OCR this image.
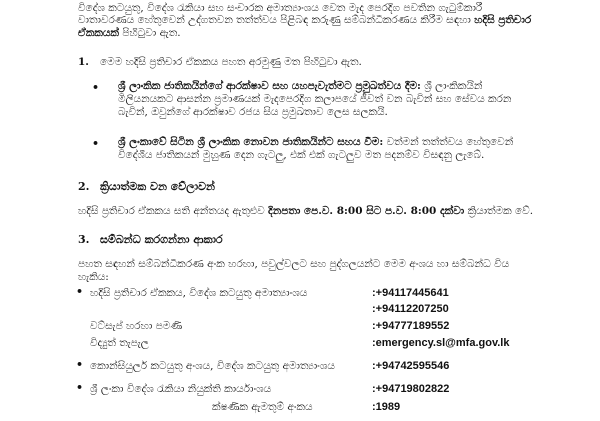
විදේශ කටයුතු, විදේශ රැකියා සහ සංචාරක අමාත්‍යාංශය වෙත මැද පෙරදිග පවතින ගැටුම්කාරී
වාතාවරණය හේතුවෙන් උද්ගතවන තත්ත්වය පිළිබඳ කරුණු සම්බන්ධීකරණය කිරීම සඳහා හදිසි ප්‍රතිචාර
ඒකකයක් පිහිටුවා ඇත.
1. මෙම හදිසි ප්‍රතිචාර ඒකකය පහත අරමුණු මත පිහිටුවා ඇත.
• ශ්‍රී ලාංකික ජාතිකයින්ගේ ආරක්ෂාව සහ යහපැවැත්මට ප්‍රමුඛත්වය දීම: ශ්‍රී ලාංකිකයින්
මිලියනයකට ආසන්න ප්‍රමාණයක් මැදපෙරදිග කලාපයේ ජීවත් වන බැවින් සහ සේවය කරන
බැවින්, ඔවුන්ගේ ආරක්ෂාව රජය සිය ප්‍රමුඛතාව ලෙස සලකයි.
• ශ්‍රී ලංකාවේ සිටින ශ්‍රී ලාංකික නොවන ජාතිකයින්ට සහය වීම: වත්මන් තත්ත්වය හේතුවෙන්
විදේශීය ජාතිකයන් මුහුණ දෙන ගැටලු, එක් එක් ගැටලුව මත පදනම්ව විසඳනු ලැබේ.
2. ක්‍රියාත්මක වන වේලාවන්
හදිසි ප්‍රතිචාර ඒකකය සති අන්තයද ඇතුළුව දිනපතා පෙ.ව. 8:00 සිට ප.ව. 8:00 දක්වා ක්‍රියාත්මක වේ.
3. සම්බන්ධ කරගන්නා ආකාර
පහත සඳහන් සම්බන්ධීකරණ අංක හරහා, පවුල්වලට සහ පුද්ගලයන්ට මෙම අංශය හා සම්බන්ධ විය
හැකිය:
• හදිසි ප්‍රතිචාර ඒකකය, විදේශ කටයුතු අමාත්‍යාංශය	:+94117445641
:+94112207250
වට්සැප් හරහා පමණි	:+94777189552
විද්‍යුත් තැපැල	:emergency.sl@mfa.gov.lk
• කොන්සියුලර් කටයුතු අංශය, විදේශ කටයුතු අමාත්‍යාංශය	:+94742595546
• ශ්‍රී ලංකා විදේශ රැකියා නියුක්ති කාර්යාංශය	:+94719802822
ක්ෂණික ඇමතුම් අංකය	:1989
